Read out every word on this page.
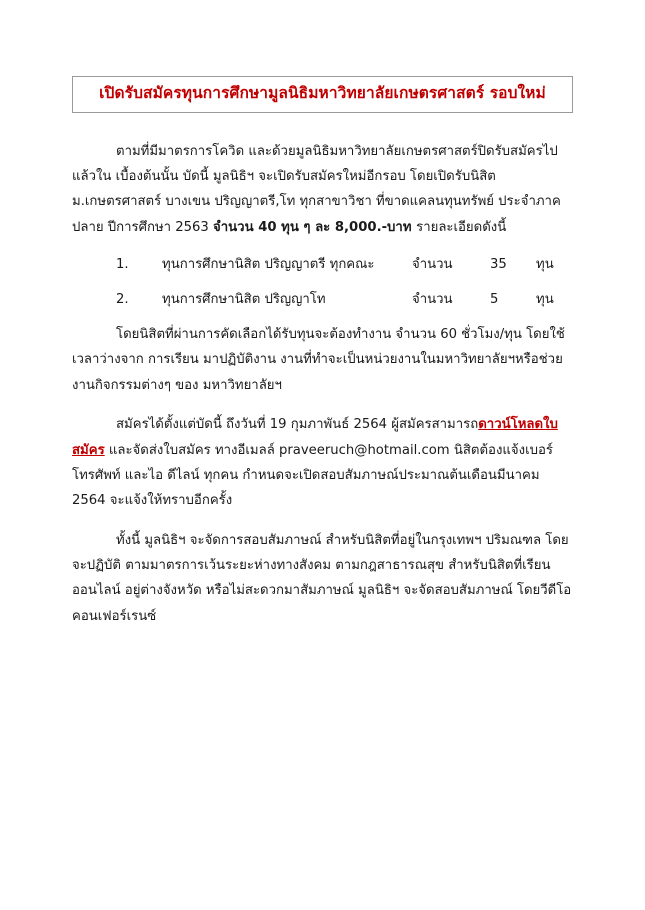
เปิดรับสมัครทุนการศึกษามูลนิธิมหาวิทยาลัยเกษตรศาสตร์ รอบใหม่

ตามที่มีมาตรการโควิด และด้วยมูลนิธิมหาวิทยาลัยเกษตรศาสตร์ปิดรับสมัครไปแล้วใน เบื้องต้นนั้น บัดนี้ มูลนิธิฯ จะเปิดรับสมัครใหม่อีกรอบ โดยเปิดรับนิสิต ม.เกษตรศาสตร์ บางเขน ปริญญาตรี,โท ทุกสาขาวิชา ที่ขาดแคลนทุนทรัพย์ ประจำภาคปลาย ปีการศึกษา 2563 จำนวน 40 ทุน ๆ ละ 8,000.-บาท รายละเอียดดังนี้

1.	ทุนการศึกษานิสิต ปริญญาตรี ทุกคณะ	จำนวน	35	ทุน
2.	ทุนการศึกษานิสิต ปริญญาโท	จำนวน	5	ทุน

โดยนิสิตที่ผ่านการคัดเลือกได้รับทุนจะต้องทำงาน จำนวน 60 ชั่วโมง/ทุน โดยใช้เวลาว่างจาก การเรียน มาปฏิบัติงาน งานที่ทำจะเป็นหน่วยงานในมหาวิทยาลัยฯหรือช่วยงานกิจกรรมต่างๆ ของ มหาวิทยาลัยฯ

สมัครได้ตั้งแต่บัดนี้ ถึงวันที่ 19 กุมภาพันธ์ 2564 ผู้สมัครสามารถดาวน์โหลดใบสมัคร และจัดส่งใบสมัคร ทางอีเมลล์ praveeruch@hotmail.com นิสิตต้องแจ้งเบอร์โทรศัพท์ และไอ ดีไลน์ ทุกคน กำหนดจะเปิดสอบสัมภาษณ์ประมาณต้นเดือนมีนาคม 2564 จะแจ้งให้ทราบอีกครั้ง

ทั้งนี้ มูลนิธิฯ จะจัดการสอบสัมภาษณ์ สำหรับนิสิตที่อยู่ในกรุงเทพฯ ปริมณฑล โดยจะปฏิบัติ ตามมาตรการเว้นระยะห่างทางสังคม ตามกฎสาธารณสุข สำหรับนิสิตที่เรียนออนไลน์ อยู่ต่างจังหวัด หรือไม่สะดวกมาสัมภาษณ์ มูลนิธิฯ จะจัดสอบสัมภาษณ์ โดยวีดีโอคอนเฟอร์เรนซ์
